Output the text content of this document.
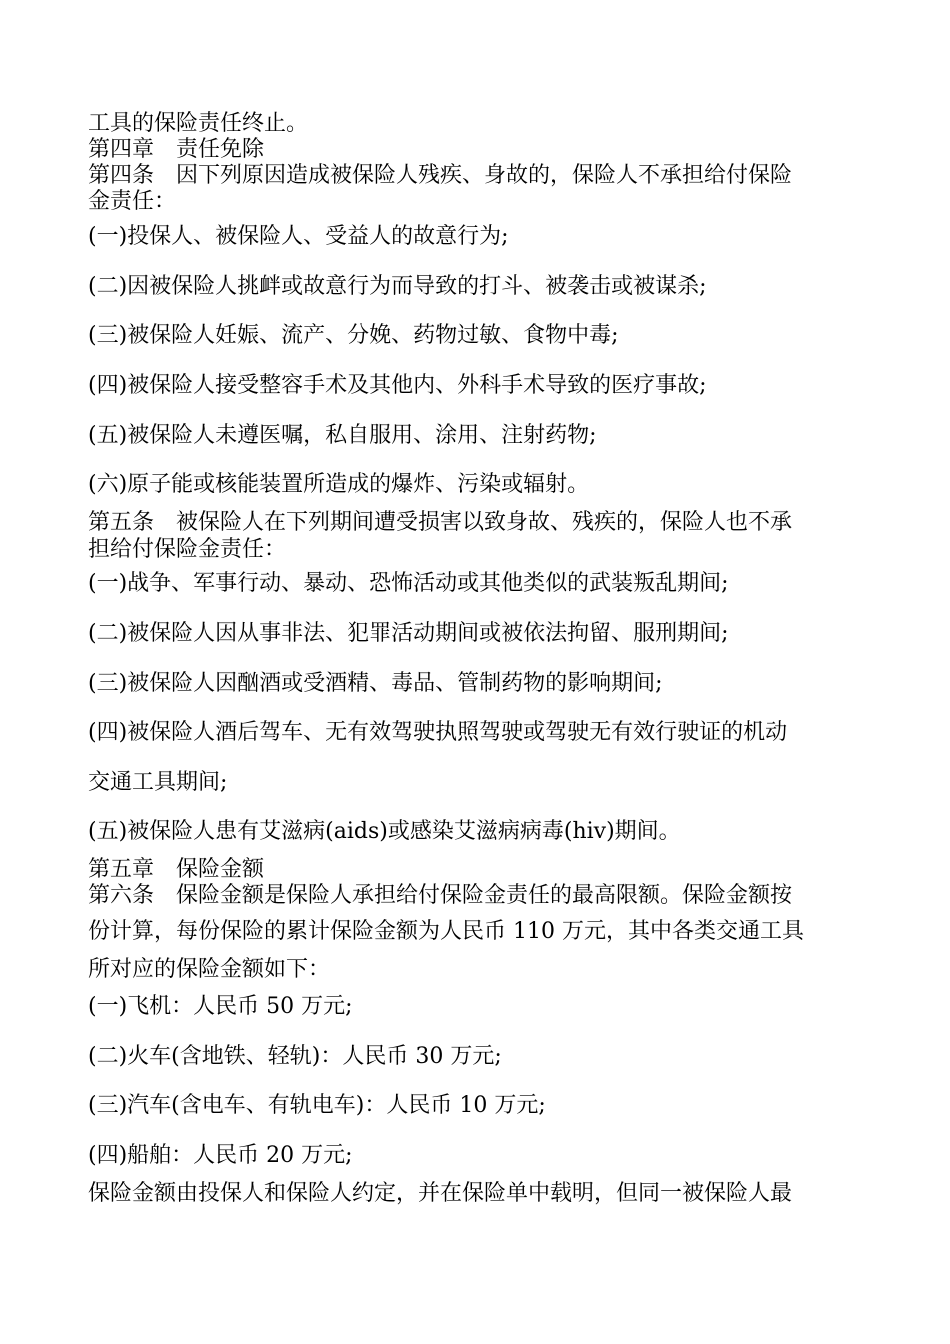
工具的保险责任终止。
第四章　责任免除
第四条　因下列原因造成被保险人残疾、身故的，保险人不承担给付保险
金责任：
(一)投保人、被保险人、受益人的故意行为;
(二)因被保险人挑衅或故意行为而导致的打斗、被袭击或被谋杀;
(三)被保险人妊娠、流产、分娩、药物过敏、食物中毒;
(四)被保险人接受整容手术及其他内、外科手术导致的医疗事故;
(五)被保险人未遵医嘱，私自服用、涂用、注射药物;
(六)原子能或核能装置所造成的爆炸、污染或辐射。
第五条　被保险人在下列期间遭受损害以致身故、残疾的，保险人也不承
担给付保险金责任：
(一)战争、军事行动、暴动、恐怖活动或其他类似的武装叛乱期间;
(二)被保险人因从事非法、犯罪活动期间或被依法拘留、服刑期间;
(三)被保险人因酗酒或受酒精、毒品、管制药物的影响期间;
(四)被保险人酒后驾车、无有效驾驶执照驾驶或驾驶无有效行驶证的机动
交通工具期间;
(五)被保险人患有艾滋病(aids)或感染艾滋病病毒(hiv)期间。
第五章　保险金额
第六条　保险金额是保险人承担给付保险金责任的最高限额。保险金额按
份计算，每份保险的累计保险金额为人民币 110 万元，其中各类交通工具
所对应的保险金额如下：
(一)飞机：人民币 50 万元;
(二)火车(含地铁、轻轨)：人民币 30 万元;
(三)汽车(含电车、有轨电车)：人民币 10 万元;
(四)船舶：人民币 20 万元;
保险金额由投保人和保险人约定，并在保险单中载明，但同一被保险人最
